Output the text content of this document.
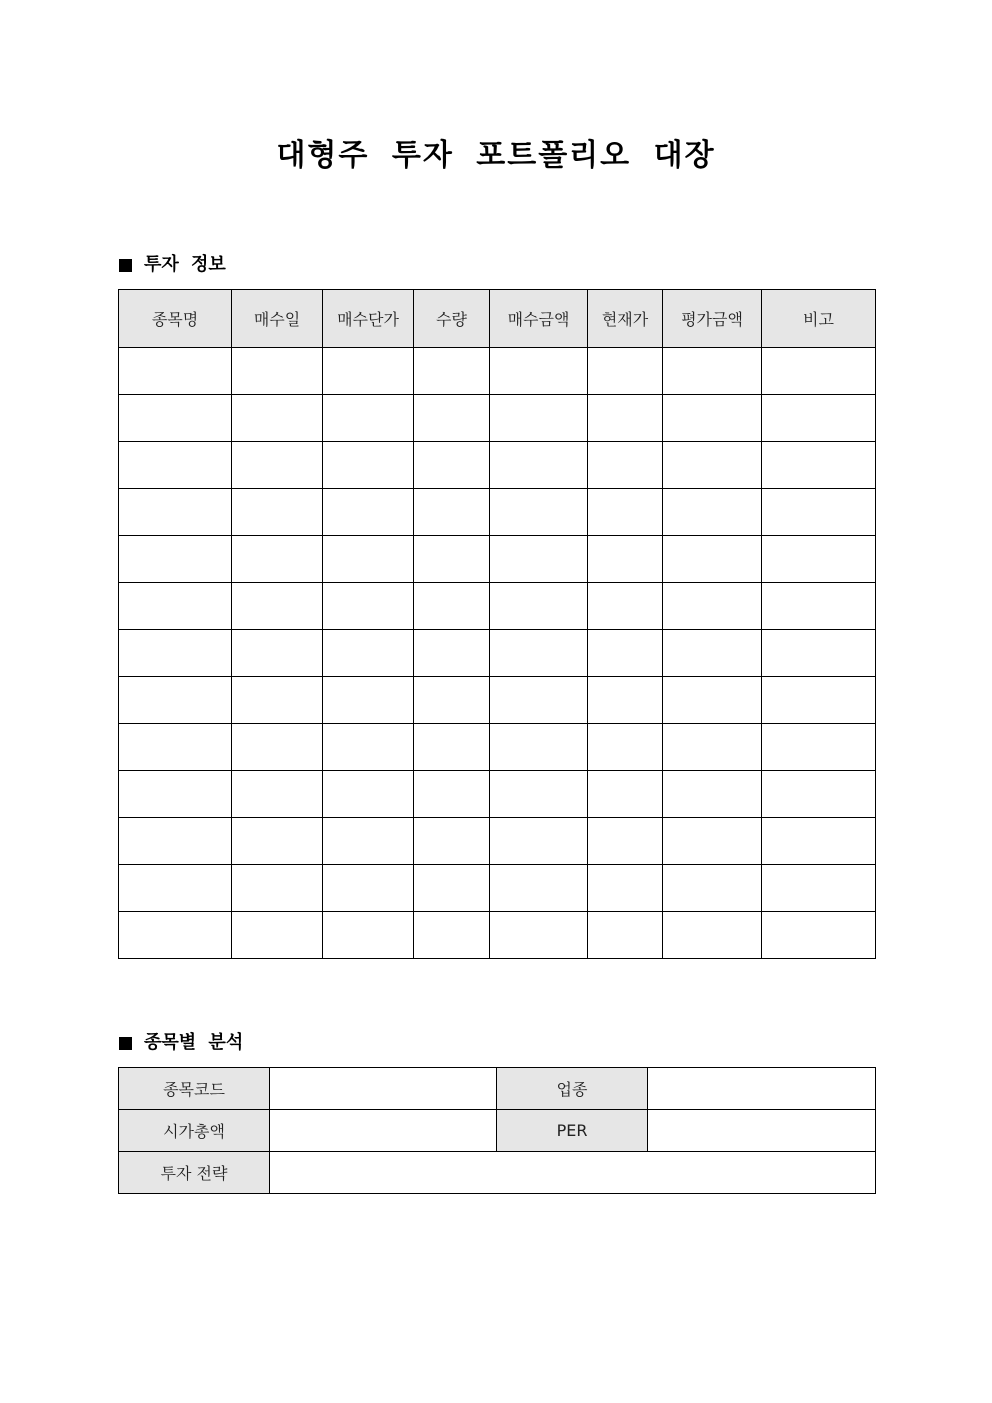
대형주 투자 포트폴리오 대장
투자 정보
종목명	매수일	매수단가	수량	매수금액	현재가	평가금액	비고

종목별 분석
종목코드		업종	
시가총액		PER	
투자 전략			
